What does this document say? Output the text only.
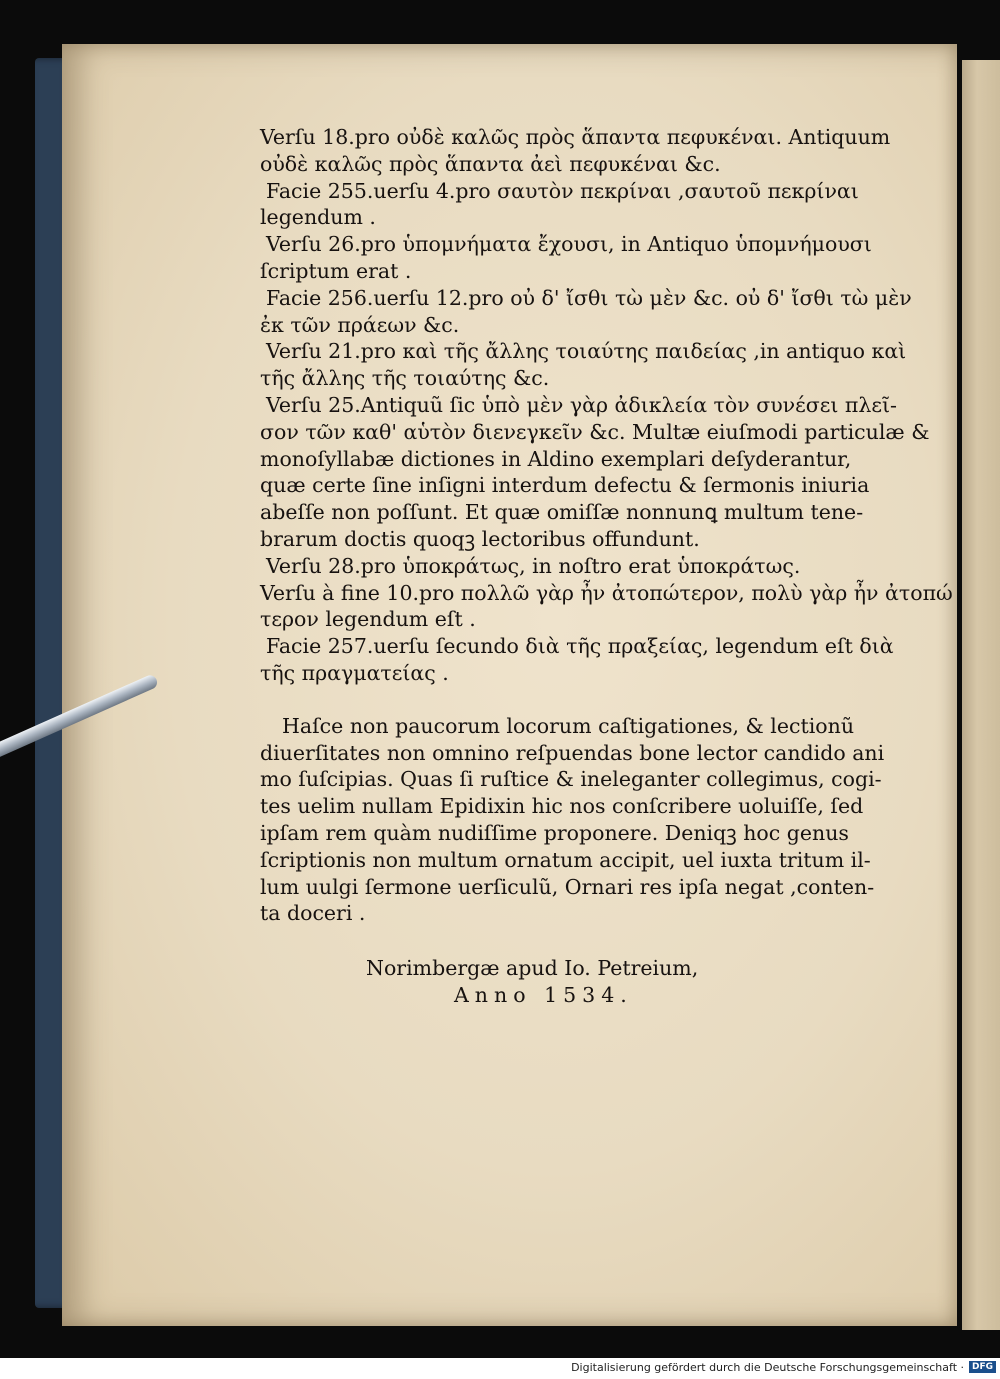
Verſu 18.pro οὐδὲ καλῶς πρὸς ἅπαντα πεφυκέναι. Antiquum
οὐδὲ καλῶς πρὸς ἅπαντα ἀεὶ πεφυκέναι &c.
Facie 255.uerſu 4.pro σαυτὸν πεκρίναι ,σαυτοῦ πεκρίναι
legendum .
Verſu 26.pro ὑπομνήματα ἔχουσι, in Antiquo ὑπομνήμουσι
ſcriptum erat .
Facie 256.uerſu 12.pro οὐ δ' ἴσθι τὼ μὲν &c. οὐ δ' ἴσθι τὼ μὲν
ἐκ τῶν πράεων &c.
Verſu 21.pro καὶ τῆς ἄλλης τοιαύτης παιδείας ,in antiquo καὶ
τῆς ἄλλης τῆς τοιαύτης &c.
Verſu 25.Antiquũ ſic ὑπὸ μὲν γὰρ ἀδικλεία τὸν συνέσει πλεῖ-
σον τῶν καθ' αὑτὸν διενεγκεῖν &c. Multæ eiuſmodi particulæ &
monoſyllabæ dictiones in Aldino exemplari deſyderantur,
quæ certe ſine inſigni interdum defectu & ſermonis iniuria
abeſſe non poſſunt. Et quæ omiſſæ nonnunꝗ multum tene-
brarum doctis quoqꝫ lectoribus offundunt.
Verſu 28.pro ὑποκράτως, in noſtro erat ὑποκράτως.
Verſu à fine 10.pro πολλῶ γὰρ ἦν ἀτοπώτερον, πολὺ γὰρ ἦν ἀτοπώ
τερον legendum eſt .
Facie 257.uerſu ſecundo διὰ τῆς πραξείας, legendum eſt διὰ
τῆς πραγματείας .
Haſce non paucorum locorum caſtigationes, & lectionũ
diuerſitates non omnino reſpuendas bone lector candido ani
mo ſuſcipias. Quas ſi ruſtice & ineleganter collegimus, cogi-
tes uelim nullam Epidixin hic nos conſcribere uoluiſſe, ſed
ipſam rem quàm nudiſſime proponere. Deniqꝫ hoc genus
ſcriptionis non multum ornatum accipit, uel iuxta tritum il-
lum uulgi ſermone uerſiculũ, Ornari res ipſa negat ,conten-
ta doceri .
Norimbergæ apud Io. Petreium,
Anno 1534.
Digitalisierung gefördert durch die Deutsche Forschungsgemeinschaft · DFG
